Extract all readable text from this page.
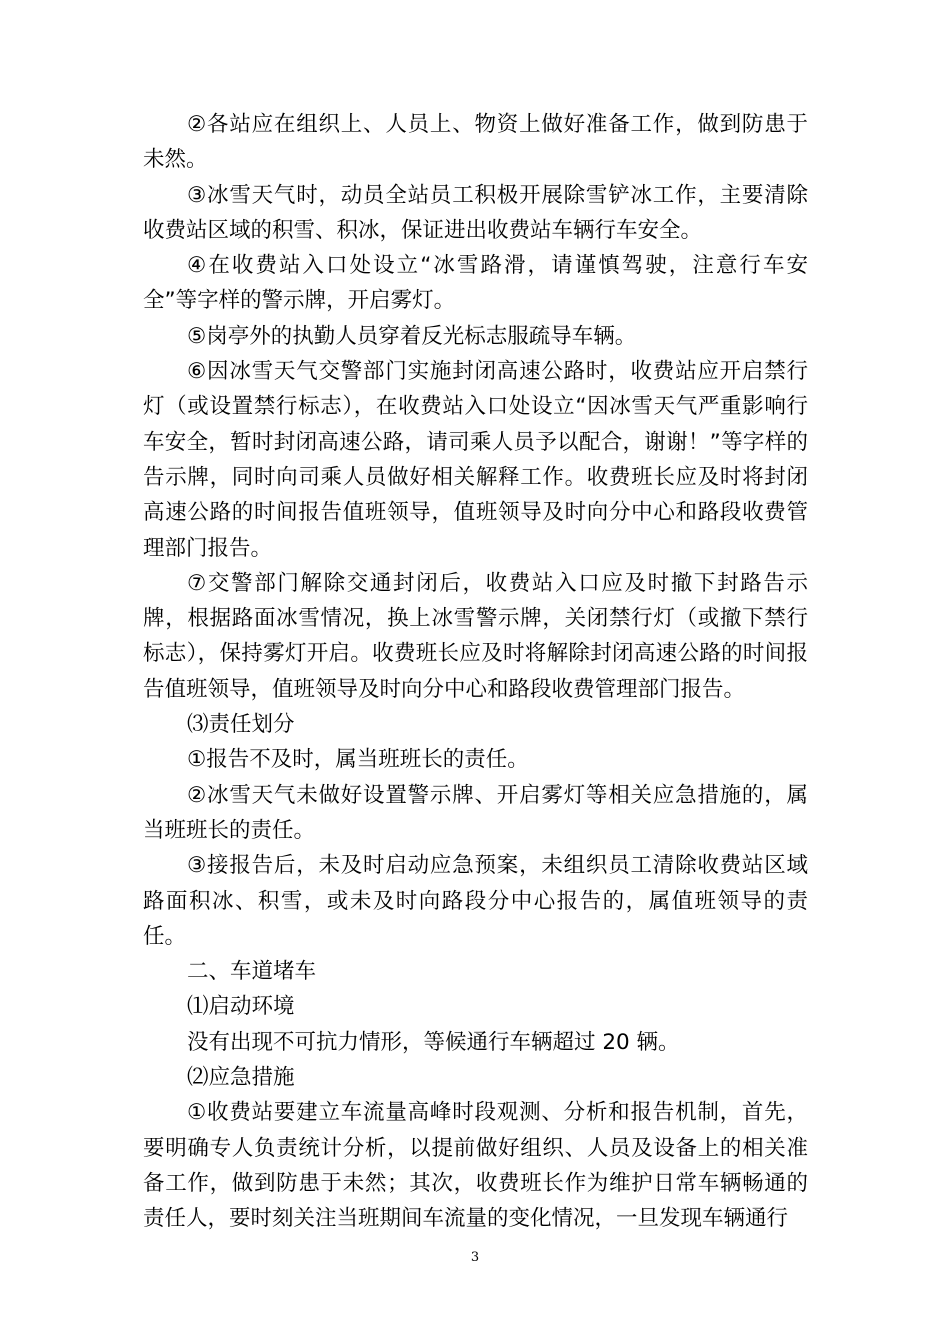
②各站应在组织上、人员上、物资上做好准备工作，做到防患于未然。

③冰雪天气时，动员全站员工积极开展除雪铲冰工作，主要清除收费站区域的积雪、积冰，保证进出收费站车辆行车安全。

④在收费站入口处设立“冰雪路滑，请谨慎驾驶，注意行车安全”等字样的警示牌，开启雾灯。

⑤岗亭外的执勤人员穿着反光标志服疏导车辆。

⑥因冰雪天气交警部门实施封闭高速公路时，收费站应开启禁行灯（或设置禁行标志），在收费站入口处设立“因冰雪天气严重影响行车安全，暂时封闭高速公路，请司乘人员予以配合，谢谢！”等字样的告示牌，同时向司乘人员做好相关解释工作。收费班长应及时将封闭高速公路的时间报告值班领导，值班领导及时向分中心和路段收费管理部门报告。

⑦交警部门解除交通封闭后，收费站入口应及时撤下封路告示牌，根据路面冰雪情况，换上冰雪警示牌，关闭禁行灯（或撤下禁行标志），保持雾灯开启。收费班长应及时将解除封闭高速公路的时间报告值班领导，值班领导及时向分中心和路段收费管理部门报告。

⑶责任划分

①报告不及时，属当班班长的责任。

②冰雪天气未做好设置警示牌、开启雾灯等相关应急措施的，属当班班长的责任。

③接报告后，未及时启动应急预案，未组织员工清除收费站区域路面积冰、积雪，或未及时向路段分中心报告的，属值班领导的责任。

二、车道堵车

⑴启动环境

没有出现不可抗力情形，等候通行车辆超过 20 辆。

⑵应急措施

①收费站要建立车流量高峰时段观测、分析和报告机制，首先，要明确专人负责统计分析，以提前做好组织、人员及设备上的相关准备工作，做到防患于未然；其次，收费班长作为维护日常车辆畅通的责任人，要时刻关注当班期间车流量的变化情况，一旦发现车辆通行

3
